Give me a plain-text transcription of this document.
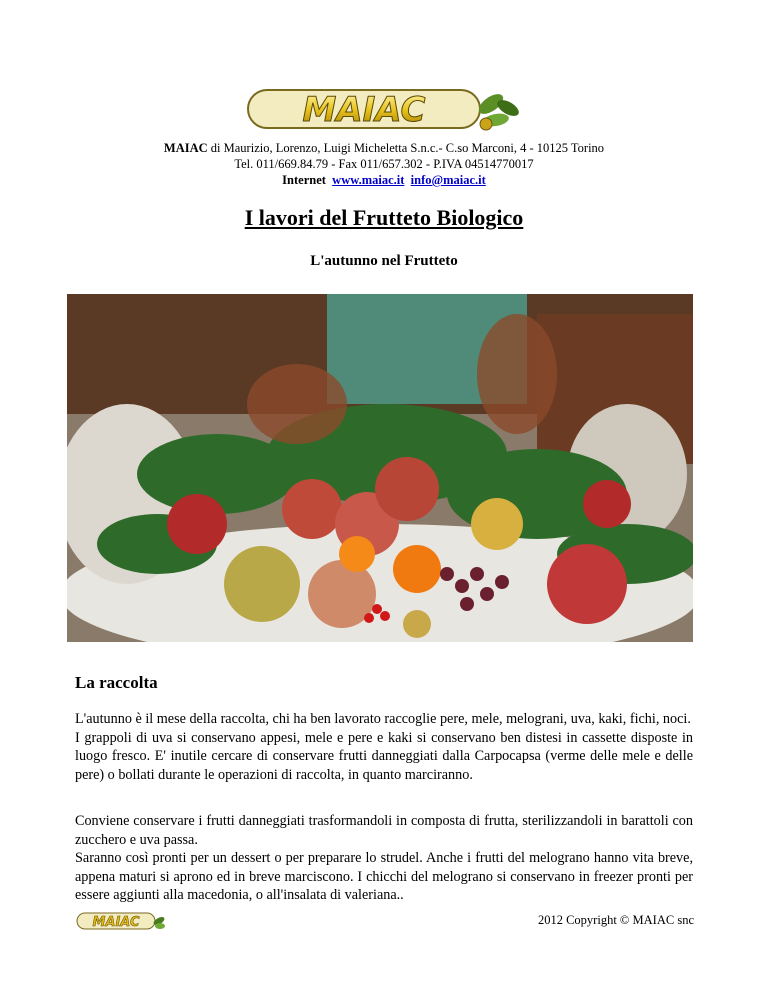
MAIAC
MAIAC di Maurizio, Lorenzo, Luigi Micheletta S.n.c.- C.so Marconi, 4 - 10125 Torino
Tel. 011/669.84.79 - Fax 011/657.302 - P.IVA 04514770017
Internet www.maiac.it info@maiac.it
I lavori del Frutteto Biologico
L'autunno nel Frutteto
La raccolta
L'autunno è il mese della raccolta, chi ha ben lavorato raccoglie pere, mele, melograni, uva, kaki, fichi, noci.
I grappoli di uva si conservano appesi, mele e pere e kaki si conservano ben distesi in cassette disposte in luogo fresco. E' inutile cercare di conservare frutti danneggiati dalla Carpocapsa (verme delle mele e delle pere) o bollati durante le operazioni di raccolta, in quanto marciranno.
Conviene conservare i frutti danneggiati trasformandoli in composta di frutta, sterilizzandoli in barattoli con zucchero e uva passa.
Saranno così pronti per un dessert o per preparare lo strudel. Anche i frutti del melograno hanno vita breve, appena maturi si aprono ed in breve marciscono. I chicchi del melograno si conservano in freezer pronti per essere aggiunti alla macedonia, o all'insalata di valeriana..
MAIAC	2012 Copyright © MAIAC snc
